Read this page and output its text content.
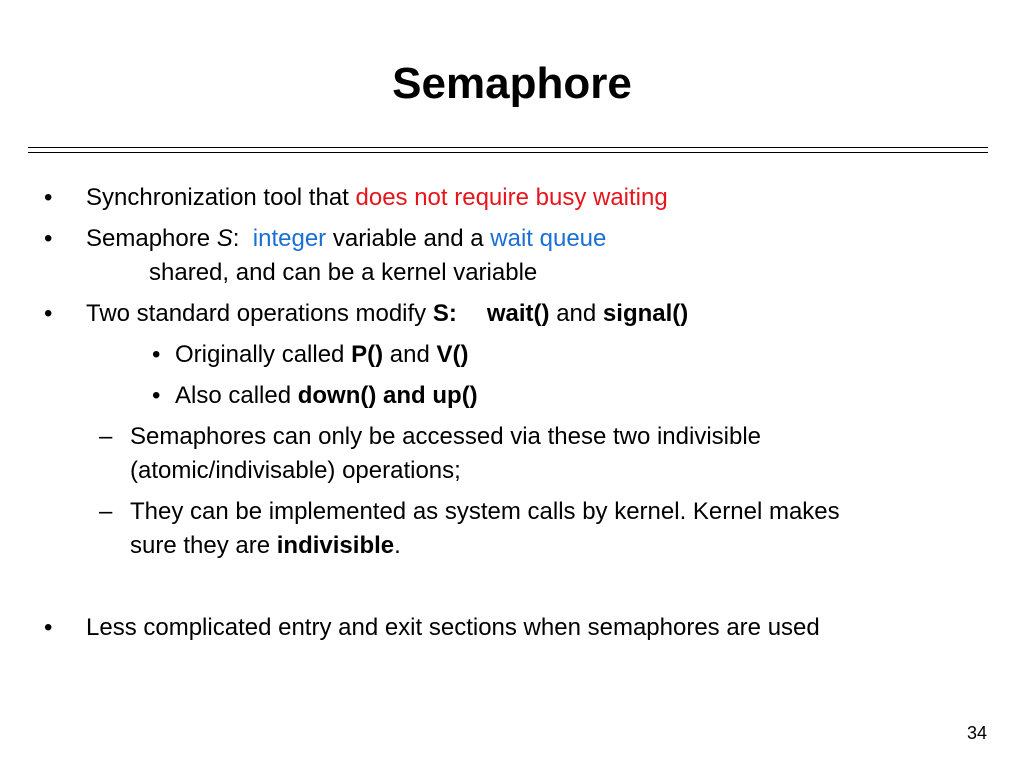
Semaphore
• Synchronization tool that does not require busy waiting
• Semaphore S:  integer variable and a wait queue
shared, and can be a kernel variable
• Two standard operations modify S: wait() and signal()
• Originally called P() and V()
• Also called down() and up()
– Semaphores can only be accessed via these two indivisible
(atomic/indivisable) operations;
– They can be implemented as system calls by kernel. Kernel makes
sure they are indivisible.
• Less complicated entry and exit sections when semaphores are used
34
